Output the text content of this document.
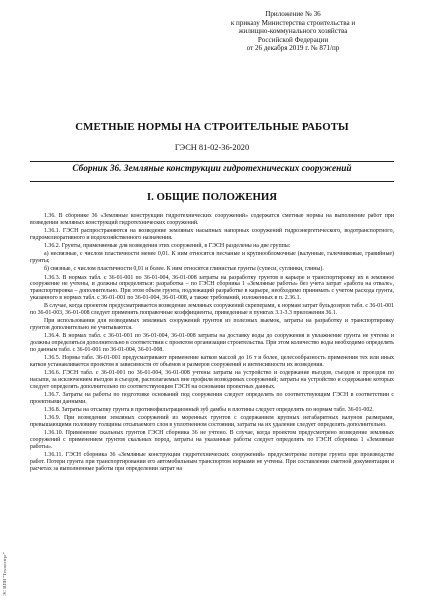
Приложение № 36
к приказу Министерства строительства и
жилищно-коммунального хозяйства
Российской Федерации
от 26 декабря 2019 г. № 871/пр
СМЕТНЫЕ НОРМЫ НА СТРОИТЕЛЬНЫЕ РАБОТЫ
ГЭСН 81-02-36-2020
Сборник 36. Земляные конструкции гидротехнических сооружений
I. ОБЩИЕ ПОЛОЖЕНИЯ

1.36. В сборнике 36 «Земляные конструкции гидротехнических сооружений» содержатся сметные нормы на выполнение работ при возведении земляных конструкций гидротехнических сооружений.

1.36.1. ГЭСН распространяются на возведение земляных насыпных напорных сооружений гидроэнергетического, водотранспортного, гидромелиоративного и водохозяйственного назначения.

1.36.2. Грунты, применяемые для возведения этих сооружений, в ГЭСН разделены на две группы:

а) несвязные, с числом пластичности менее 0,01. К ним относятся песчаные и крупнообломочные (валунные, галечниковые, гравийные) грунты;

б) связные, с числом пластичности 0,01 и более. К ним относятся глинистые грунты (супеси, суглинки, глины).

1.36.3. В нормах табл. с 36-01-001 по 36-01-004, 36-01-008 затраты на разработку грунтов в карьере и транспортировку их в земляное сооружение не учтены, и должны определяться: разработка – по ГЭСН сборника 1 «Земляные работы» без учета затрат «работа на отвале», транспортировка – дополнительно. При этом объем грунта, подлежащий разработке в карьере, необходимо принимать с учетом расхода грунта, указанного в нормах табл. с 36-01-001 по 36-01-004, 36-01-008, а также требований, изложенных в п. 2.36.1.

В случае, когда проектом предусматривается возведение земляных сооружений скреперами, к нормам затрат бульдозеров табл. с 36-01-001 по 36-01-003, 36-01-008 следует применять поправочные коэффициенты, приведенные в пунктах 3.1-3.3 приложения 36.1.

При использовании для возводимых земляных сооружений грунтов из полезных выемок, затраты на разработку и транспортировку грунтов дополнительно не учитываются.

1.36.4. В нормах табл. с 36-01-001 по 36-01-004, 36-01-008 затраты на доставку воды до сооружения и увлажнение грунта не учтены и должны определяться дополнительно в соответствии с проектом организации строительства. При этом количество воды необходимо определять по данным табл. с 36-01-001 по 36-01-004, 36-01-008.

1.36.5. Нормы табл. 36-01-001 предусматривают применение катков массой до 16 т и более, целесообразность применения тех или иных катков устанавливается проектом в зависимости от объемов и размеров сооружений и интенсивности их возведения.

1.36.6. ГЭСН табл. с 36-01-001 по 36-01-004, 36-01-008 учтены затраты на устройство и содержание въездов, съездов и проездов по насыпи, за исключением въездов и съездов, располагаемых вне профиля возводимых сооружений; затраты на устройство и содержание которых следует определять дополнительно по соответствующим ГЭСН на основании проектных данных.

1.36.7. Затраты на работы по подготовке оснований под сооружения следует определять по соответствующим ГЭСН в соответствии с проектными данными.

1.36.8. Затраты на отсыпку грунта в противофильтрационный зуб дамбы и плотины следует определять по нормам табл. 36-01-002.

1.36.9. При возведении земляных сооружений из моренных грунтов с содержанием крупных негабаритных валунов размерами, превышающими половину толщины отсыпаемого слоя в уплотненном состоянии, затраты на их удаление следует определять дополнительно.

1.36.10. Применение скальных грунтов ГЭСН сборника 36 не учтено. В случае, когда проектом предусмотрено возведение земляных сооружений с применением грунтов скальных пород, затраты на указанные работы следует определять по ГЭСН сборника 1 «Земляные работы».

1.36.11. ГЭСН сборника 36 «Земляные конструкции гидротехнических сооружений» предусмотрены потери грунта при производстве работ. Потери грунта при транспортировании его автомобильным транспортом нормами не учтены. При составлении сметной документации и расчетах за выполненные работы при определении затрат на

ЭС ИПИ "Техэксперт"
